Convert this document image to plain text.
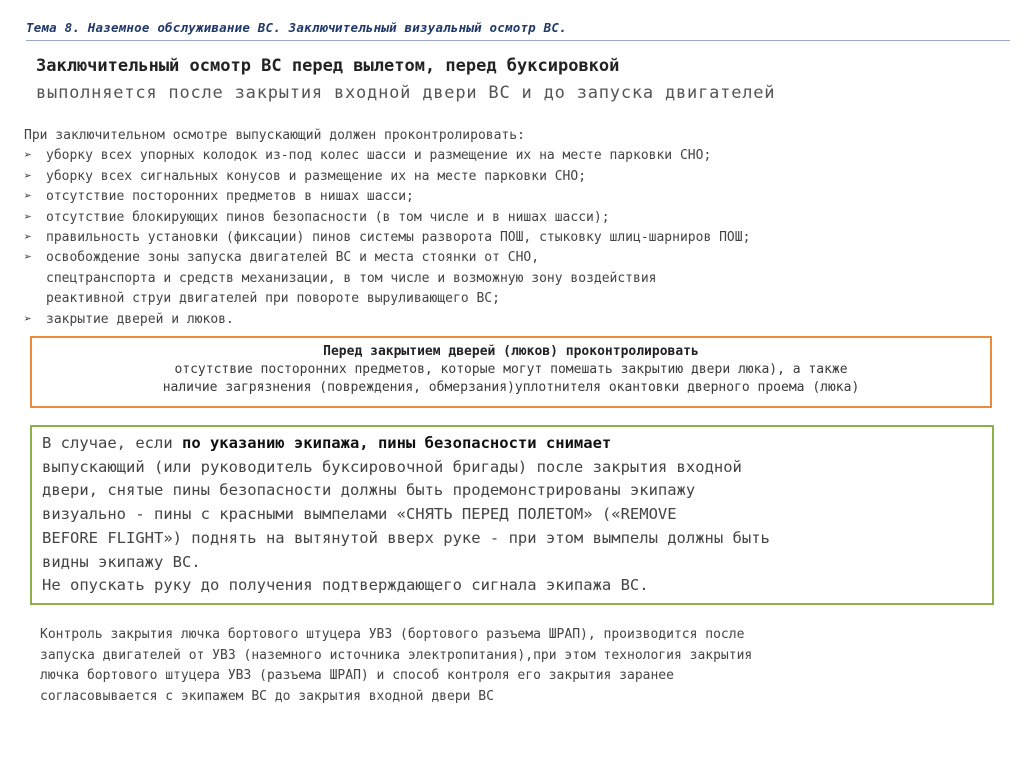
Тема 8. Наземное обслуживание ВС. Заключительный визуальный осмотр ВС.
Заключительный осмотр ВС перед вылетом, перед буксировкой
выполняется после закрытия входной двери ВС и до запуска двигателей
При заключительном осмотре выпускающий должен проконтролировать:
➢ уборку всех упорных колодок из-под колес шасси и размещение их на месте парковки СНО;
➢ уборку всех сигнальных конусов и размещение их на месте парковки СНО;
➢ отсутствие посторонних предметов в нишах шасси;
➢ отсутствие блокирующих пинов безопасности (в том числе и в нишах шасси);
➢ правильность установки (фиксации) пинов системы разворота ПОШ, стыковку шлиц-шарниров ПОШ;
➢ освобождение зоны запуска двигателей ВС и места стоянки от СНО,
спецтранспорта и средств механизации, в том числе и возможную зону воздействия
реактивной струи двигателей при повороте выруливающего ВС;
➢ закрытие дверей и люков.
Перед закрытием дверей (люков) проконтролировать
отсутствие посторонних предметов, которые могут помешать закрытию двери люка), а также
наличие загрязнения (повреждения, обмерзания)уплотнителя окантовки дверного проема (люка)
В случае, если по указанию экипажа, пины безопасности снимает
выпускающий (или руководитель буксировочной бригады) после закрытия входной
двери, снятые пины безопасности должны быть продемонстрированы экипажу
визуально - пины с красными вымпелами «СНЯТЬ ПЕРЕД ПОЛЕТОМ» («REMOVE
BEFORE FLIGHT») поднять на вытянутой вверх руке - при этом вымпелы должны быть
видны экипажу ВС.
Не опускать руку до получения подтверждающего сигнала экипажа ВС.
Контроль закрытия лючка бортового штуцера УВЗ (бортового разъема ШРАП), производится после
запуска двигателей от УВЗ (наземного источника электропитания),при этом технология закрытия
лючка бортового штуцера УВЗ (разъема ШРАП) и способ контроля его закрытия заранее
согласовывается с экипажем ВС до закрытия входной двери ВС
